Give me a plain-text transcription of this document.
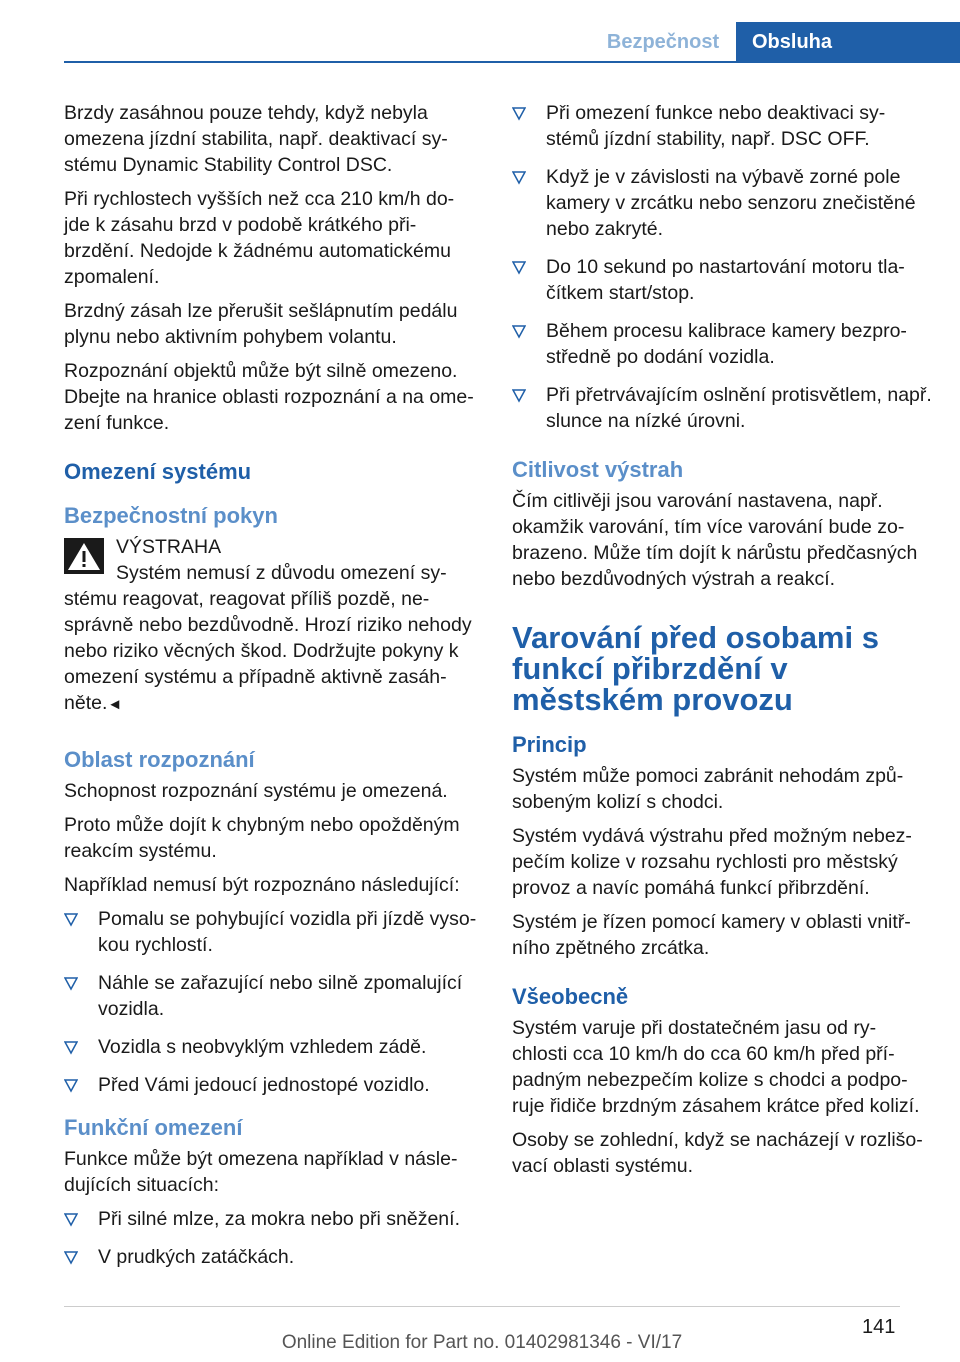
Bezpečnost	Obsluha

Brzdy zasáhnou pouze tehdy, když nebyla omezena jízdní stabilita, např. deaktivací sy- stému Dynamic Stability Control DSC.

Při rychlostech vyšších než cca 210 km/h do- jde k zásahu brzd v podobě krátkého při- brzdění. Nedojde k žádnému automatickému zpomalení.

Brzdný zásah lze přerušit sešlápnutím pedálu plynu nebo aktivním pohybem volantu.

Rozpoznání objektů může být silně omezeno. Dbejte na hranice oblasti rozpoznání a na ome- zení funkce.

Omezení systému
Bezpečnostní pokyn
VÝSTRAHA
Systém nemusí z důvodu omezení sy-
stému reagovat, reagovat příliš pozdě, ne- správně nebo bezdůvodně. Hrozí riziko nehody nebo riziko věcných škod. Dodržujte pokyny k omezení systému a případně aktivně zasáh- něte.◄
Oblast rozpoznání

Schopnost rozpoznání systému je omezená.

Proto může dojít k chybným nebo opožděným reakcím systému.

Například nemusí být rozpoznáno následující:

Pomalu se pohybující vozidla při jízdě vyso- kou rychlostí.
Náhle se zařazující nebo silně zpomalující vozidla.
Vozidla s neobvyklým vzhledem zádě.
Před Vámi jedoucí jednostopé vozidlo.
Funkční omezení

Funkce může být omezena například v násle- dujících situacích:

Při silné mlze, za mokra nebo při sněžení.
V prudkých zatáčkách.
Při omezení funkce nebo deaktivaci sy- stémů jízdní stability, např. DSC OFF.
Když je v závislosti na výbavě zorné pole kamery v zrcátku nebo senzoru znečistěné nebo zakryté.
Do 10 sekund po nastartování motoru tla- čítkem start/stop.
Během procesu kalibrace kamery bezpro- středně po dodání vozidla.
Při přetrvávajícím oslnění protisvětlem, např. slunce na nízké úrovni.
Citlivost výstrah

Čím citlivěji jsou varování nastavena, např. okamžik varování, tím více varování bude zo- brazeno. Může tím dojít k nárůstu předčasných nebo bezdůvodných výstrah a reakcí.

Varování před osobami s funkcí přibrzdění v městském provozu
Princip

Systém může pomoci zabránit nehodám způ- sobeným kolizí s chodci.

Systém vydává výstrahu před možným nebez- pečím kolize v rozsahu rychlosti pro městský provoz a navíc pomáhá funkcí přibrzdění.

Systém je řízen pomocí kamery v oblasti vnitř- ního zpětného zrcátka.

Všeobecně

Systém varuje při dostatečném jasu od ry- chlosti cca 10 km/h do cca 60 km/h před pří- padným nebezpečím kolize s chodci a podpo- ruje řidiče brzdným zásahem krátce před kolizí.

Osoby se zohlední, když se nacházejí v rozlišo- vací oblasti systému.

141
Online Edition for Part no. 01402981346 - VI/17
